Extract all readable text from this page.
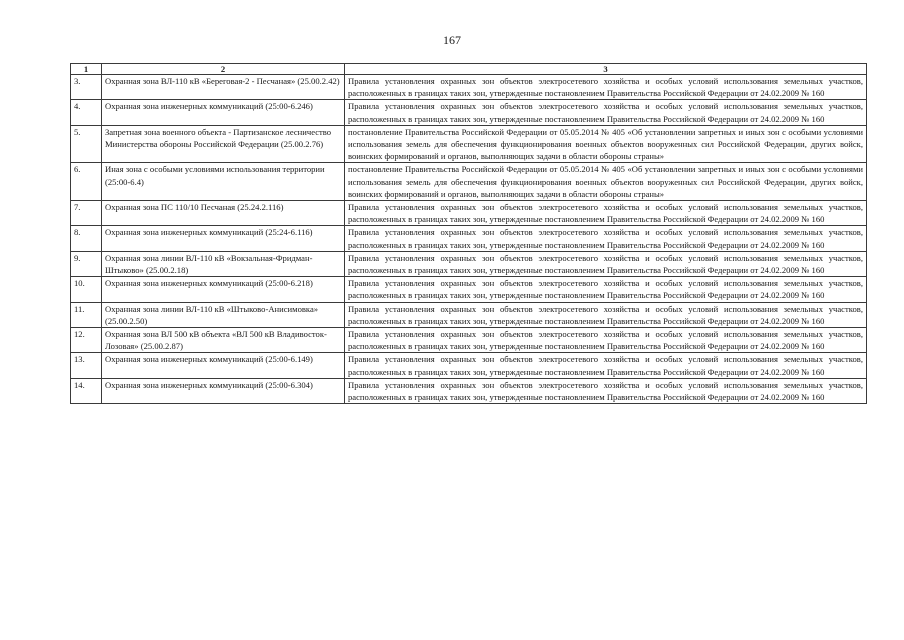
167
1	2	3
3.	Охранная зона ВЛ-110 кВ «Береговая-2 - Песчаная» (25.00.2.42)	Правила установления охранных зон объектов электросетевого хозяйства и особых условий использования земельных участков, расположенных в границах таких зон, утвержденные постановлением Правительства Российской Федерации от 24.02.2009 № 160
4.	Охранная зона инженерных коммуникаций (25:00-6.246)	Правила установления охранных зон объектов электросетевого хозяйства и особых условий использования земельных участков, расположенных в границах таких зон, утвержденные постановлением Правительства Российской Федерации от 24.02.2009 № 160
5.	Запретная зона военного объекта - Партизанское лесничество Министерства обороны Российской Федерации (25.00.2.76)	постановление Правительства Российской Федерации от 05.05.2014 № 405 «Об установлении запретных и иных зон с особыми условиями использования земель для обеспечения функционирования военных объектов вооруженных сил Российской Федерации, других войск, воинских формирований и органов, выполняющих задачи в области обороны страны»
6.	Иная зона с особыми условиями использования территории (25:00-6.4)	постановление Правительства Российской Федерации от 05.05.2014 № 405 «Об установлении запретных и иных зон с особыми условиями использования земель для обеспечения функционирования военных объектов вооруженных сил Российской Федерации, других войск, воинских формирований и органов, выполняющих задачи в области обороны страны»
7.	Охранная зона ПС 110/10 Песчаная (25.24.2.116)	Правила установления охранных зон объектов электросетевого хозяйства и особых условий использования земельных участков, расположенных в границах таких зон, утвержденные постановлением Правительства Российской Федерации от 24.02.2009 № 160
8.	Охранная зона инженерных коммуникаций (25:24-6.116)	Правила установления охранных зон объектов электросетевого хозяйства и особых условий использования земельных участков, расположенных в границах таких зон, утвержденные постановлением Правительства Российской Федерации от 24.02.2009 № 160
9.	Охранная зона линии ВЛ-110 кВ «Вокзальная-Фридман-Штыково» (25.00.2.18)	Правила установления охранных зон объектов электросетевого хозяйства и особых условий использования земельных участков, расположенных в границах таких зон, утвержденные постановлением Правительства Российской Федерации от 24.02.2009 № 160
10.	Охранная зона инженерных коммуникаций (25:00-6.218)	Правила установления охранных зон объектов электросетевого хозяйства и особых условий использования земельных участков, расположенных в границах таких зон, утвержденные постановлением Правительства Российской Федерации от 24.02.2009 № 160
11.	Охранная зона линии ВЛ-110 кВ «Штыково-Анисимовка» (25.00.2.50)	Правила установления охранных зон объектов электросетевого хозяйства и особых условий использования земельных участков, расположенных в границах таких зон, утвержденные постановлением Правительства Российской Федерации от 24.02.2009 № 160
12.	Охранная зона ВЛ 500 кВ объекта «ВЛ 500 кВ Владивосток-Лозовая» (25.00.2.87)	Правила установления охранных зон объектов электросетевого хозяйства и особых условий использования земельных участков, расположенных в границах таких зон, утвержденные постановлением Правительства Российской Федерации от 24.02.2009 № 160
13.	Охранная зона инженерных коммуникаций (25:00-6.149)	Правила установления охранных зон объектов электросетевого хозяйства и особых условий использования земельных участков, расположенных в границах таких зон, утвержденные постановлением Правительства Российской Федерации от 24.02.2009 № 160
14.	Охранная зона инженерных коммуникаций (25:00-6.304)	Правила установления охранных зон объектов электросетевого хозяйства и особых условий использования земельных участков, расположенных в границах таких зон, утвержденные постановлением Правительства Российской Федерации от 24.02.2009 № 160
